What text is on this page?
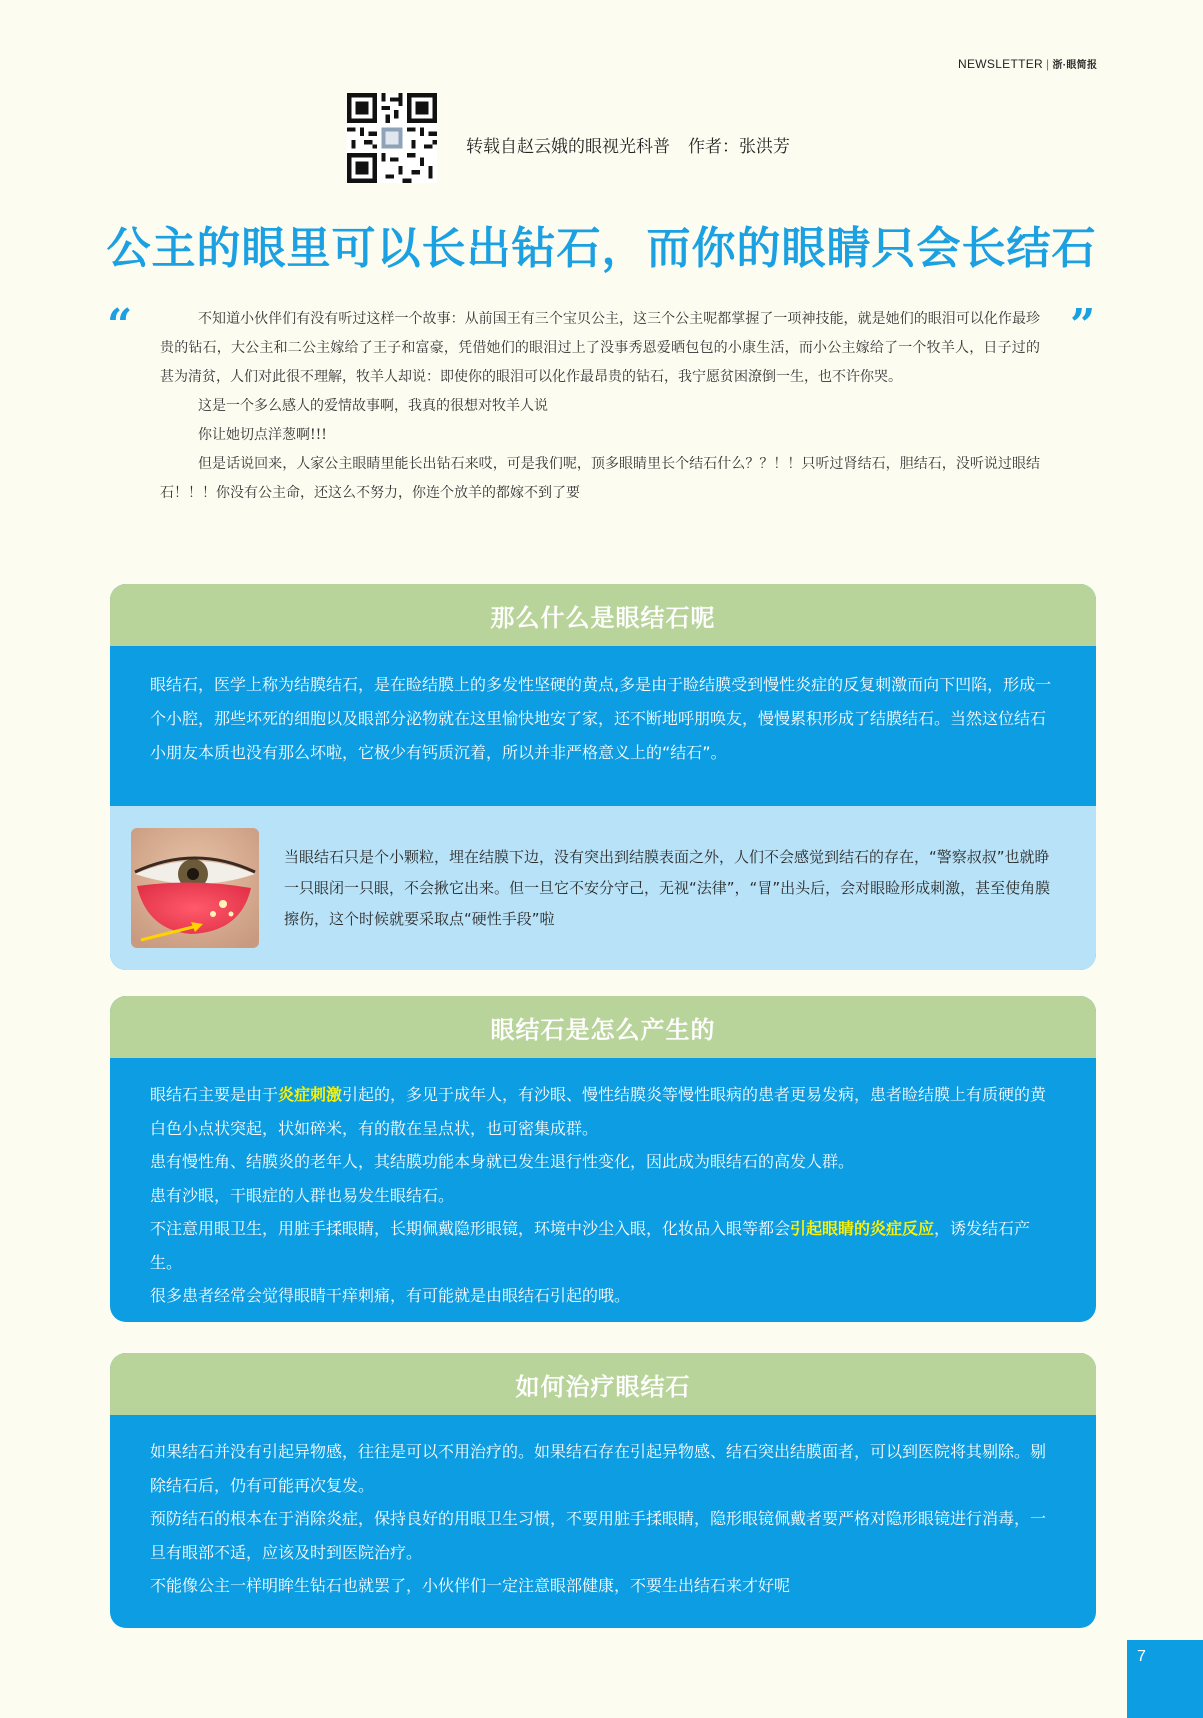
NEWSLETTER | 浙·眼简报
转载自赵云娥的眼视光科普 作者：张洪芳
公主的眼里可以长出钻石，而你的眼睛只会长结石
“	”

不知道小伙伴们有没有听过这样一个故事：从前国王有三个宝贝公主，这三个公主呢都掌握了一项神技能，就是她们的眼泪可以化作最珍贵的钻石，大公主和二公主嫁给了王子和富豪，凭借她们的眼泪过上了没事秀恩爱晒包包的小康生活，而小公主嫁给了一个牧羊人，日子过的甚为清贫，人们对此很不理解，牧羊人却说：即使你的眼泪可以化作最昂贵的钻石，我宁愿贫困潦倒一生，也不许你哭。

这是一个多么感人的爱情故事啊，我真的很想对牧羊人说

你让她切点洋葱啊!!!

但是话说回来，人家公主眼睛里能长出钻石来哎，可是我们呢，顶多眼睛里长个结石什么？？！！只听过肾结石，胆结石，没听说过眼结石！！！你没有公主命，还这么不努力，你连个放羊的都嫁不到了要

那么什么是眼结石呢

眼结石，医学上称为结膜结石，是在睑结膜上的多发性坚硬的黄点,多是由于睑结膜受到慢性炎症的反复刺激而向下凹陷，形成一个小腔，那些坏死的细胞以及眼部分泌物就在这里愉快地安了家，还不断地呼朋唤友，慢慢累积形成了结膜结石。当然这位结石小朋友本质也没有那么坏啦，它极少有钙质沉着，所以并非严格意义上的“结石”。

当眼结石只是个小颗粒，埋在结膜下边，没有突出到结膜表面之外，人们不会感觉到结石的存在，“警察叔叔”也就睁一只眼闭一只眼，不会揪它出来。但一旦它不安分守己，无视“法律”，“冒”出头后，会对眼睑形成刺激，甚至使角膜擦伤，这个时候就要采取点“硬性手段”啦
眼结石是怎么产生的

眼结石主要是由于炎症刺激引起的，多见于成年人，有沙眼、慢性结膜炎等慢性眼病的患者更易发病，患者睑结膜上有质硬的黄白色小点状突起，状如碎米，有的散在呈点状，也可密集成群。

患有慢性角、结膜炎的老年人，其结膜功能本身就已发生退行性变化，因此成为眼结石的高发人群。

患有沙眼，干眼症的人群也易发生眼结石。

不注意用眼卫生，用脏手揉眼睛，长期佩戴隐形眼镜，环境中沙尘入眼，化妆品入眼等都会引起眼睛的炎症反应，诱发结石产生。

很多患者经常会觉得眼睛干痒刺痛，有可能就是由眼结石引起的哦。

如何治疗眼结石

如果结石并没有引起异物感，往往是可以不用治疗的。如果结石存在引起异物感、结石突出结膜面者，可以到医院将其剔除。剔除结石后，仍有可能再次复发。

预防结石的根本在于消除炎症，保持良好的用眼卫生习惯，不要用脏手揉眼睛，隐形眼镜佩戴者要严格对隐形眼镜进行消毒，一旦有眼部不适，应该及时到医院治疗。

不能像公主一样明眸生钻石也就罢了，小伙伴们一定注意眼部健康，不要生出结石来才好呢

7
